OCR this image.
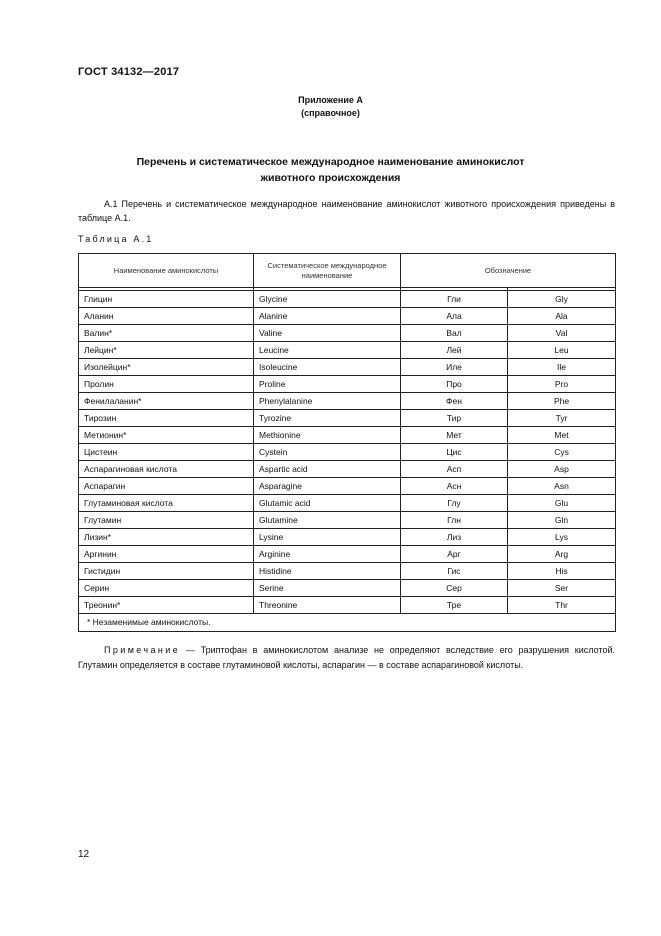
ГОСТ 34132—2017
Приложение А
(справочное)
Перечень и систематическое международное наименование аминокислот
животного происхождения
А.1 Перечень и систематическое международное наименование аминокислот животного происхождения приведены в таблице А.1.
Таблица А.1
Наименование аминокислоты	Систематическое международное наименование	Обозначение	

Глицин	Glycine	Гли	Gly
Аланин	Alanine	Ала	Ala
Валин*	Valine	Вал	Val
Лейцин*	Leucine	Лей	Leu
Изолейцин*	Isoleucine	Иле	Ile
Пролин	Proline	Про	Pro
Фенилаланин*	Phenylalanine	Фен	Phe
Тирозин	Tyrozine	Тир	Tyr
Метионин*	Methionine	Мет	Met
Цистеин	Cystein	Цис	Cys
Аспарагиновая кислота	Aspartic acid	Асп	Asp
Аспарагин	Asparagine	Асн	Asn
Глутаминовая кислота	Glutamic acid	Глу	Glu
Глутамин	Glutamine	Глн	Gln
Лизин*	Lysine	Лиз	Lys
Аргинин	Arginine	Арг	Arg
Гистидин	Histidine	Гис	His
Серин	Serine	Сер	Ser
Треонин*	Threonine	Тре	Thr
* Незаменимые аминокислоты.			
Примечание — Триптофан в аминокислотом анализе не определяют вследствие его разрушения кислотой. Глутамин определяется в составе глутаминовой кислоты, аспарагин — в составе аспарагиновой кислоты.
12
